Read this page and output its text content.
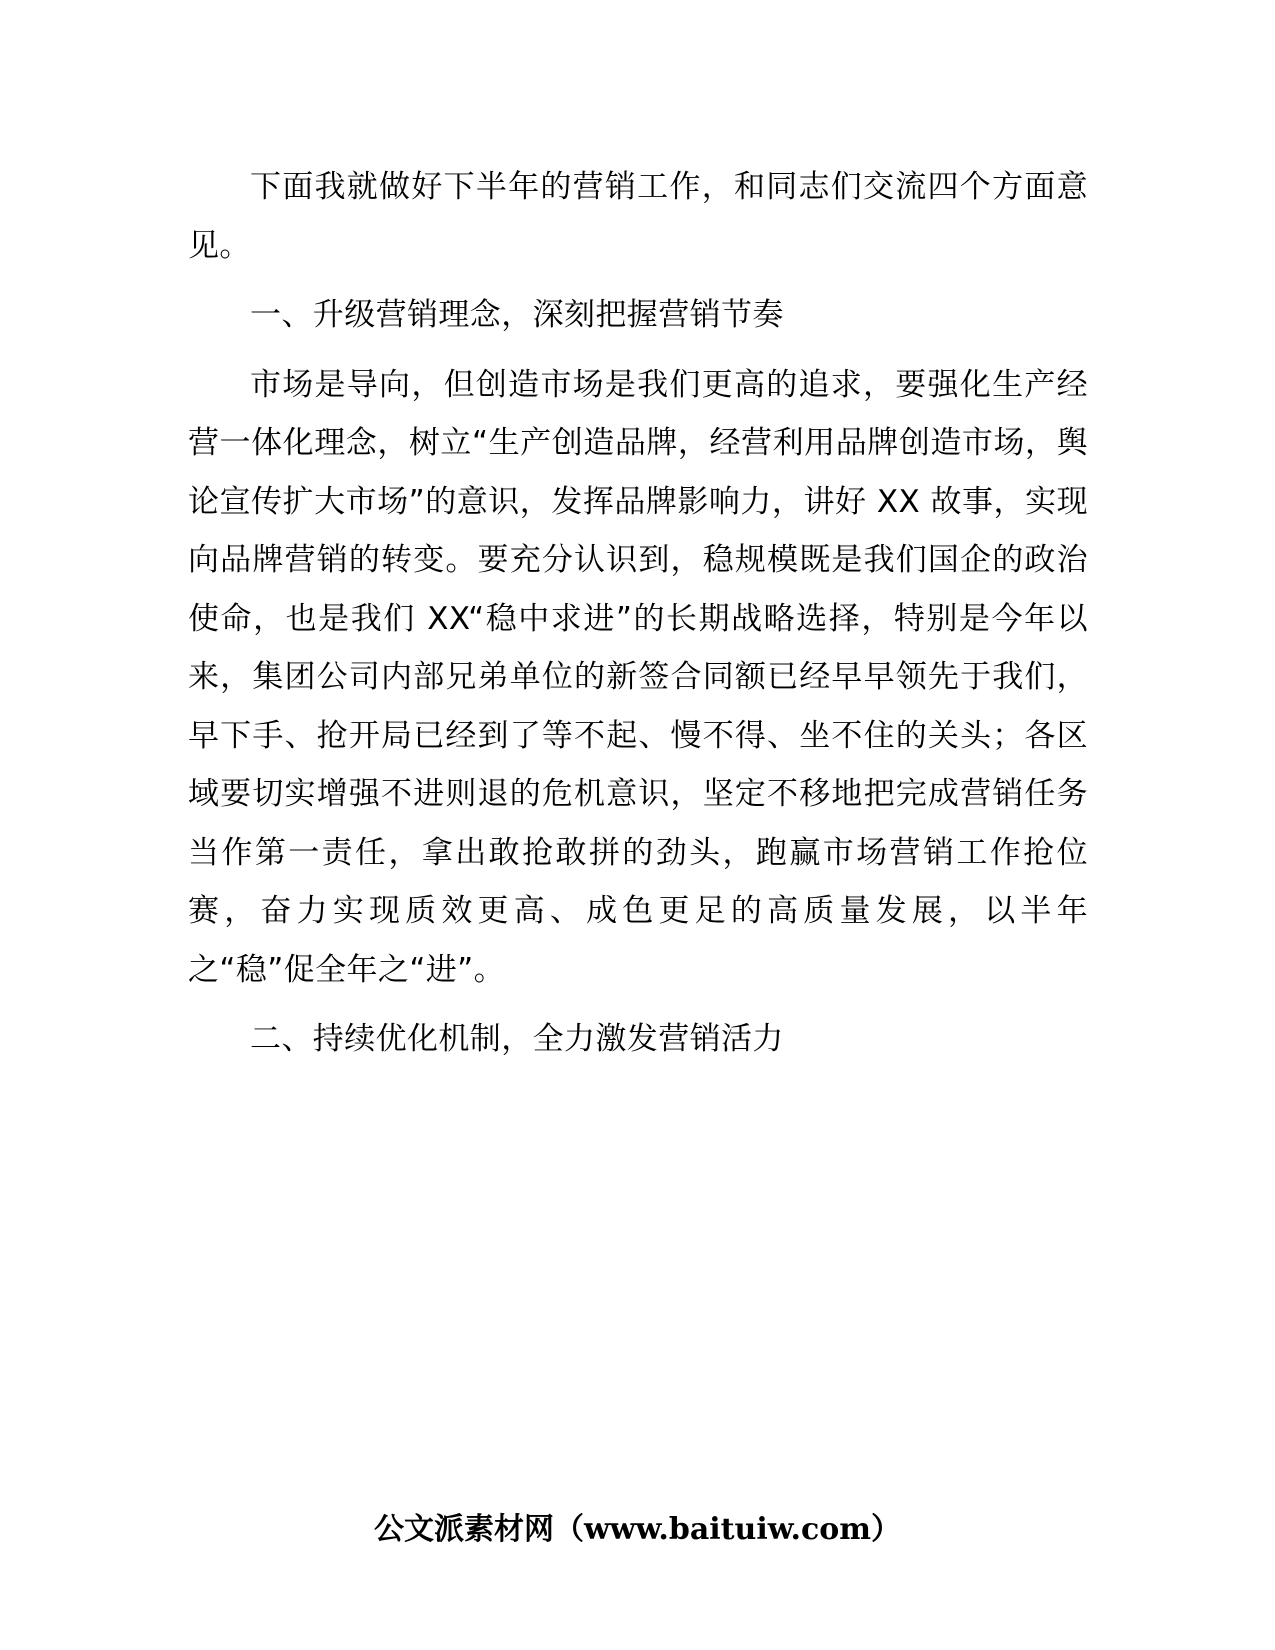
下面我就做好下半年的营销工作，和同志们交流四个方面意见。

一、升级营销理念，深刻把握营销节奏

市场是导向，但创造市场是我们更高的追求，要强化生产经营一体化理念，树立“生产创造品牌，经营利用品牌创造市场，舆论宣传扩大市场”的意识，发挥品牌影响力，讲好 XX 故事，实现向品牌营销的转变。要充分认识到，稳规模既是我们国企的政治使命，也是我们 XX“稳中求进”的长期战略选择，特别是今年以来，集团公司内部兄弟单位的新签合同额已经早早领先于我们，早下手、抢开局已经到了等不起、慢不得、坐不住的关头；各区域要切实增强不进则退的危机意识，坚定不移地把完成营销任务当作第一责任，拿出敢抢敢拼的劲头，跑赢市场营销工作抢位赛，奋力实现质效更高、成色更足的高质量发展，以半年之“稳”促全年之“进”。

二、持续优化机制，全力激发营销活力

公文派素材网（www.baituiw.com）
